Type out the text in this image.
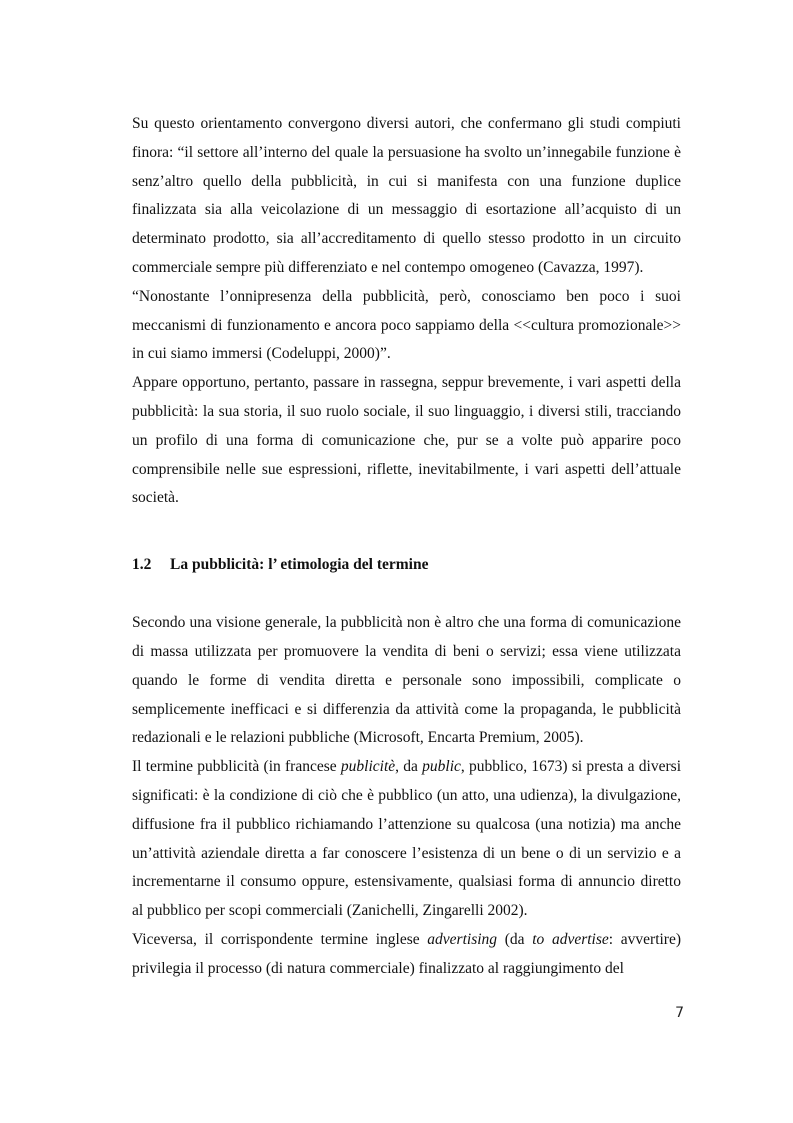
Su questo orientamento convergono diversi autori, che confermano gli studi compiuti finora: “il settore all’interno del quale la persuasione ha svolto un’innegabile funzione è senz’altro quello della pubblicità, in cui si manifesta con una funzione duplice finalizzata sia alla veicolazione di un messaggio di esortazione all’acquisto di un determinato prodotto, sia all’accreditamento di quello stesso prodotto in un circuito commerciale sempre più differenziato e nel contempo omogeneo (Cavazza, 1997).

“Nonostante l’onnipresenza della pubblicità, però, conosciamo ben poco i suoi meccanismi di funzionamento e ancora poco sappiamo della <<cultura promozionale>> in cui siamo immersi (Codeluppi, 2000)”.

Appare opportuno, pertanto, passare in rassegna, seppur brevemente, i vari aspetti della pubblicità: la sua storia, il suo ruolo sociale, il suo linguaggio, i diversi stili, tracciando un profilo di una forma di comunicazione che, pur se a volte può apparire poco comprensibile nelle sue espressioni, riflette, inevitabilmente, i vari aspetti dell’attuale società.

1.2 La pubblicità: l’ etimologia del termine

Secondo una visione generale, la pubblicità non è altro che una forma di comunicazione di massa utilizzata per promuovere la vendita di beni o servizi; essa viene utilizzata quando le forme di vendita diretta e personale sono impossibili, complicate o semplicemente inefficaci e si differenzia da attività come la propaganda, le pubblicità redazionali e le relazioni pubbliche (Microsoft, Encarta Premium, 2005).

Il termine pubblicità (in francese publicitè, da public, pubblico, 1673) si presta a diversi significati: è la condizione di ciò che è pubblico (un atto, una udienza), la divulgazione, diffusione fra il pubblico richiamando l’attenzione su qualcosa (una notizia) ma anche un’attività aziendale diretta a far conoscere l’esistenza di un bene o di un servizio e a incrementarne il consumo oppure, estensivamente, qualsiasi forma di annuncio diretto al pubblico per scopi commerciali (Zanichelli, Zingarelli 2002).

Viceversa, il corrispondente termine inglese advertising (da to advertise: avvertire) privilegia il processo (di natura commerciale) finalizzato al raggiungimento del

7
